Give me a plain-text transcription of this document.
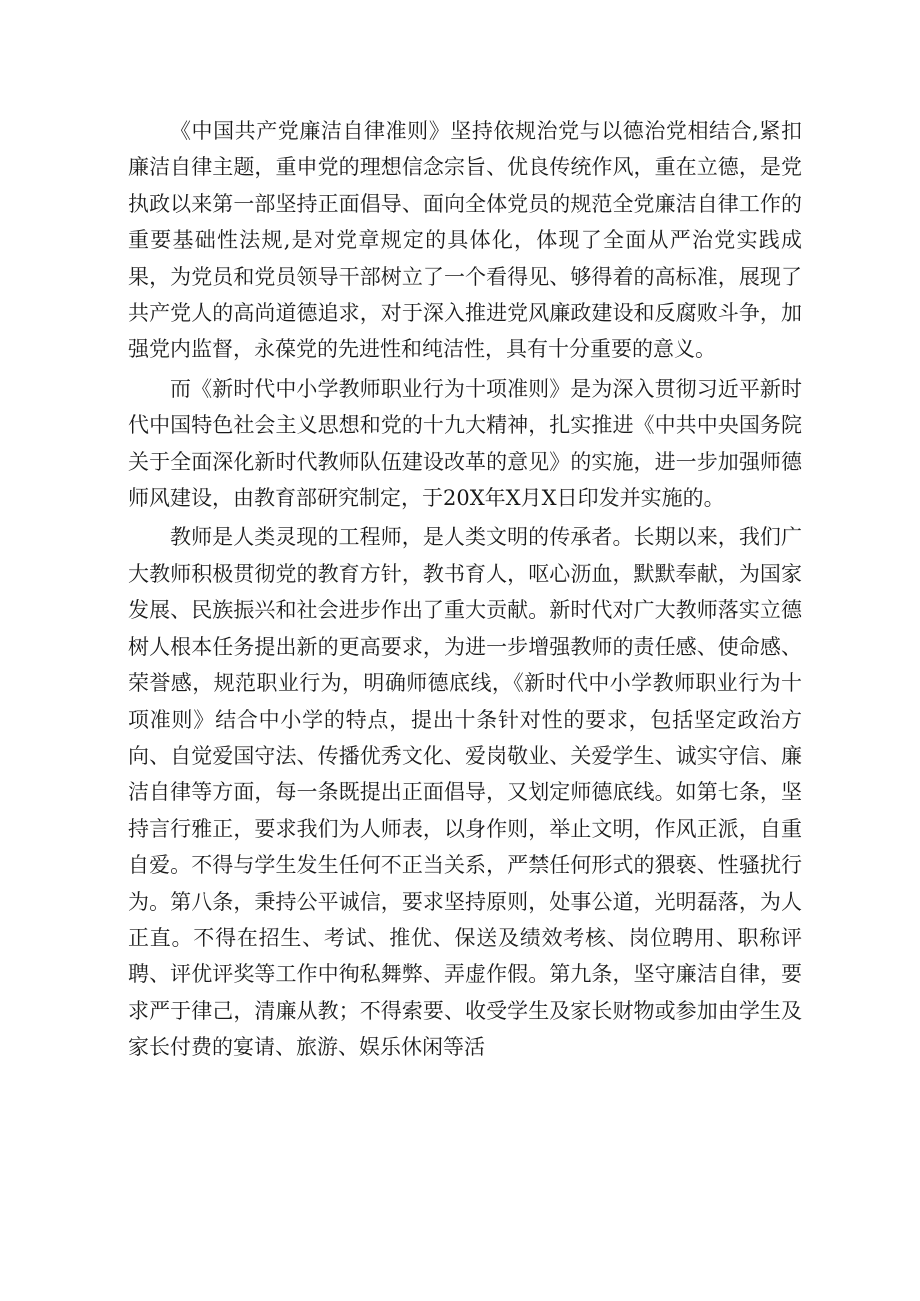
《中国共产党廉洁自律准则》坚持依规治党与以德治党相结合,紧扣廉洁自律主题，重申党的理想信念宗旨、优良传统作风，重在立德，是党执政以来第一部坚持正面倡导、面向全体党员的规范全党廉洁自律工作的重要基础性法规,是对党章规定的具体化，体现了全面从严治党实践成果，为党员和党员领导干部树立了一个看得见、够得着的高标准，展现了共产党人的高尚道德追求，对于深入推进党风廉政建设和反腐败斗争，加强党内监督，永葆党的先进性和纯洁性，具有十分重要的意义。

而《新时代中小学教师职业行为十项准则》是为深入贯彻习近平新时代中国特色社会主义思想和党的十九大精神，扎实推进《中共中央国务院关于全面深化新时代教师队伍建设改革的意见》的实施，进一步加强师德师风建设，由教育部研究制定，于20X年X月X日印发并实施的。

教师是人类灵现的工程师，是人类文明的传承者。长期以来，我们广大教师积极贯彻党的教育方针，教书育人，呕心沥血，默默奉献，为国家发展、民族振兴和社会进步作出了重大贡献。新时代对广大教师落实立德树人根本任务提出新的更高要求，为进一步增强教师的责任感、使命感、荣誉感，规范职业行为，明确师德底线，《新时代中小学教师职业行为十项准则》结合中小学的特点，提出十条针对性的要求，包括坚定政治方向、自觉爱国守法、传播优秀文化、爱岗敬业、关爱学生、诚实守信、廉洁自律等方面，每一条既提出正面倡导，又划定师德底线。如第七条，坚持言行雅正，要求我们为人师表，以身作则，举止文明，作风正派，自重自爱。不得与学生发生任何不正当关系，严禁任何形式的猥亵、性骚扰行为。第八条，秉持公平诚信，要求坚持原则，处事公道，光明磊落，为人正直。不得在招生、考试、推优、保送及绩效考核、岗位聘用、职称评聘、评优评奖等工作中徇私舞弊、弄虚作假。第九条，坚守廉洁自律，要求严于律己，清廉从教；不得索要、收受学生及家长财物或参加由学生及家长付费的宴请、旅游、娱乐休闲等活
